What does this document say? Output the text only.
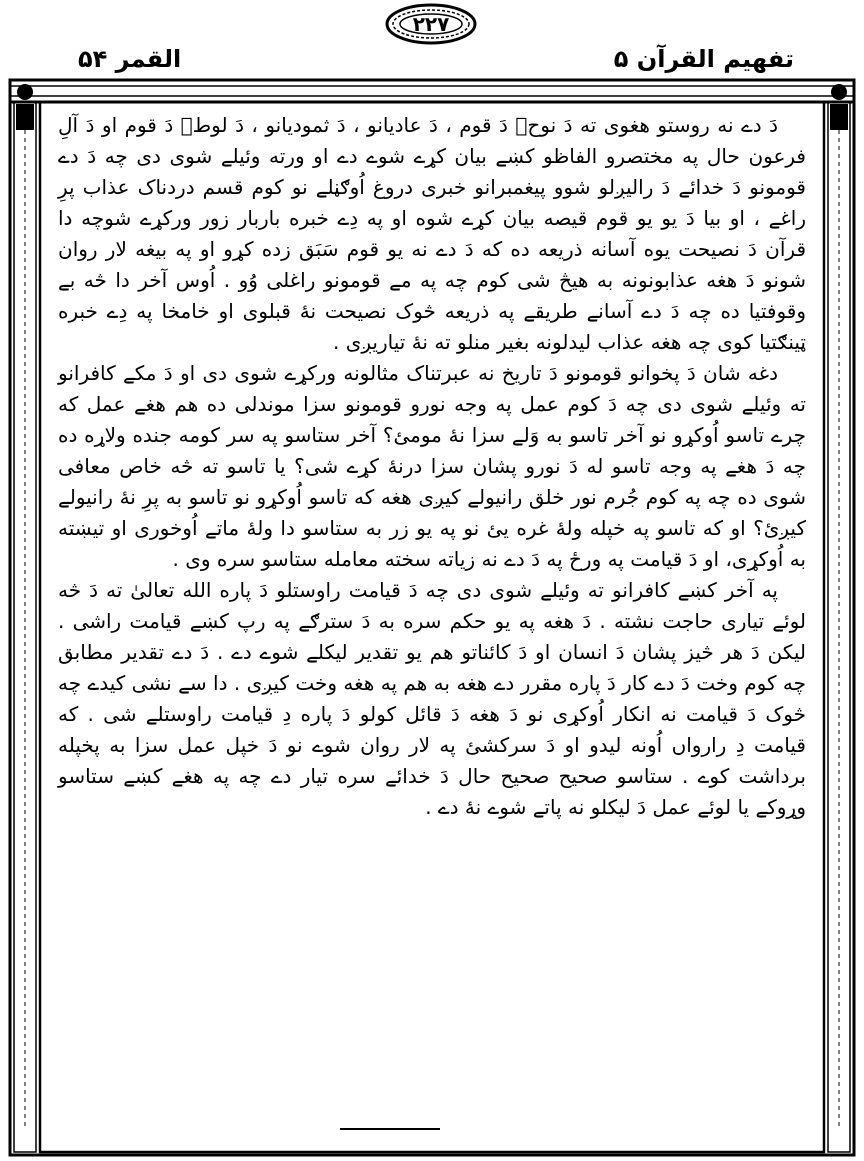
تفهیم القرآن ۵
۲۲۷
القمر ۵۴

دَ دے نه روستو هغوی ته دَ نوحؑ دَ قوم ، دَ عادیانو ، دَ ثمودیانو ، دَ لوطؑ دَ قوم او دَ آلِ فرعون حال په مختصرو الفاظو کښے بیان کړے شوے دے او ورته وئیلے شوی دی چه دَ دے قومونو دَ خدائے دَ رالیږلو شوو پیغمبرانو خبری دروغ اُوګڼلے نو کوم قسم دردناک عذاب پرِ راغے ، او بیا دَ یو یو قوم قیصه بیان کړے شوه او په دِے خبره باربار زور ورکړے شوچه دا قرآن دَ نصیحت یوه آسانه ذریعه ده که دَ دے نه یو قوم سَبَق زده کړو او په بیغه لار روان شونو دَ هغه عذابونونه به هیڅ شی کوم چه په مے قومونو راغلی وُو . اُوس آخر دا څه بے وقوفتیا ده چه دَ دے آسانے طریقے په ذریعه څوک نصیحت نهٔ قبلوی او خامخا په دِے خبره ټینګتیا کوی چه هغه عذاب لیدلونه بغیر منلو ته نهٔ تیاریږی .

دغه شان دَ پخوانو قومونو دَ تاریخ نه عبرتناک مثالونه ورکړے شوی دی او دَ مکے کافرانو ته وئیلے شوی دی چه دَ کوم عمل په وجه نورو قومونو سزا موندلی ده هم هغے عمل که چرے تاسو اُوکړو نو آخر تاسو به وَلے سزا نهٔ مومئ؟ آخر ستاسو په سر کومه جنده ولاړه ده چه دَ هغے په وجه تاسو له دَ نورو پشان سزا درنهٔ کړے شی؟ یا تاسو ته څه خاص معافی شوی ده چه په کوم جُرم نور خلق رانیولے کیږی هغه که تاسو اُوکړو نو تاسو به پرِ نهٔ رانیولے کیږئ؟ او که تاسو په خپله ولهٔ غره یئ نو په یو زر به ستاسو دا ولهٔ ماتے اُوخوری او تیښته به اُوکړی، او دَ قیامت په ورځ په دَ دے نه زیاته سخته معامله ستاسو سره وی .

په آخر کښے کافرانو ته وئیلے شوی دی چه دَ قیامت راوستلو دَ پاره الله تعالیٰ ته دَ څه لوئے تیاری حاجت نشته . دَ هغه په یو حکم سره به دَ سترګے په رپ کښے قیامت راشی . لیکن دَ هر څیز پشان دَ انسان او دَ کائناتو هم یو تقدیر لیکلے شوے دے . دَ دے تقدیر مطابق چه کوم وخت دَ دے کار دَ پاره مقرر دے هغه به هم په هغه وخت کیږی . دا سے نشی کیدے چه څوک دَ قیامت نه انکار اُوکړی نو دَ هغه دَ قائل کولو دَ پاره دِ قیامت راوستلے شی . که قیامت دِ رارواں اُونه لیدو او دَ سرکشئ په لار روان شوے نو دَ خپل عمل سزا به پخپله برداشت کوے . ستاسو صحیح صحیح حال دَ خدائے سره تیار دے چه په هغے کښے ستاسو وړوکے یا لوئے عمل دَ لیکلو نه پاتے شوے نهٔ دے .
